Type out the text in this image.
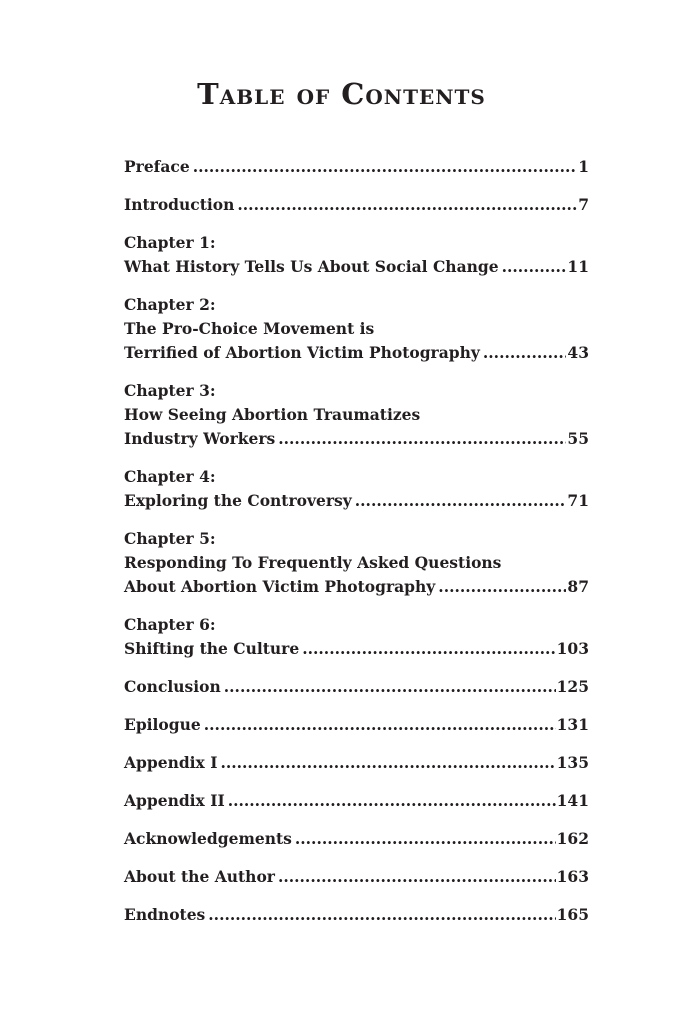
Table of Contents
Preface .....	1
Introduction .....	7
Chapter 1:
What History Tells Us About Social Change .....	11
Chapter 2:
The Pro-Choice Movement is
Terrified of Abortion Victim Photography .....	43
Chapter 3:
How Seeing Abortion Traumatizes
Industry Workers .....	55
Chapter 4:
Exploring the Controversy .....	71
Chapter 5:
Responding To Frequently Asked Questions
About Abortion Victim Photography .....	87
Chapter 6:
Shifting the Culture .....	103
Conclusion .....	125
Epilogue .....	131
Appendix I .....	135
Appendix II .....	141
Acknowledgements .....	162
About the Author .....	163
Endnotes .....	165
